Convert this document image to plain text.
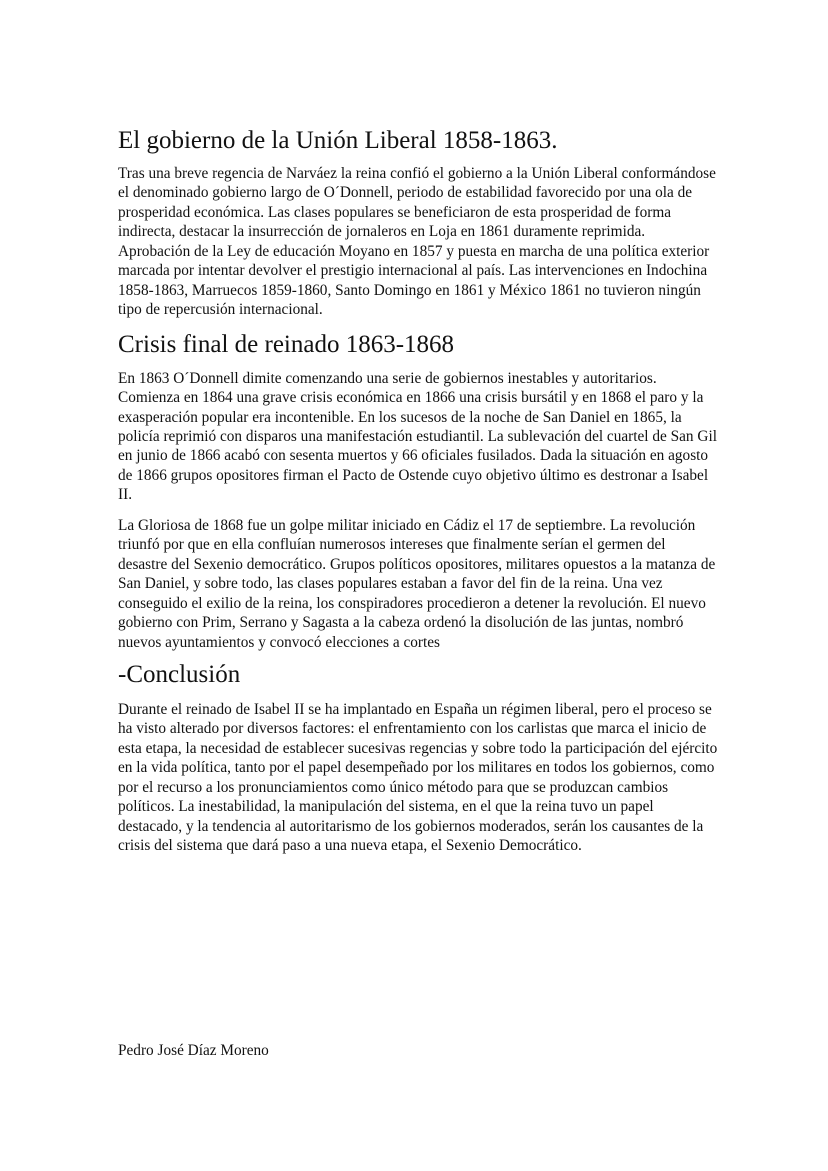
El gobierno de la Unión Liberal 1858-1863.

Tras una breve regencia de Narváez la reina confió el gobierno a la Unión Liberal conformándose el denominado gobierno largo de O´Donnell, periodo de estabilidad favorecido por una ola de prosperidad económica. Las clases populares se beneficiaron de esta prosperidad de forma indirecta, destacar la insurrección de jornaleros en Loja en 1861 duramente reprimida. Aprobación de la Ley de educación Moyano en 1857 y puesta en marcha de una política exterior marcada por intentar devolver el prestigio internacional al país. Las intervenciones en Indochina 1858-1863, Marruecos 1859-1860, Santo Domingo en 1861 y México 1861 no tuvieron ningún tipo de repercusión internacional.

Crisis final de reinado 1863-1868

En 1863 O´Donnell dimite comenzando una serie de gobiernos inestables y autoritarios. Comienza en 1864 una grave crisis económica en 1866 una crisis bursátil y en 1868 el paro y la exasperación popular era incontenible. En los sucesos de la noche de San Daniel en 1865, la policía reprimió con disparos una manifestación estudiantil. La sublevación del cuartel de San Gil en junio de 1866 acabó con sesenta muertos y 66 oficiales fusilados. Dada la situación en agosto de 1866 grupos opositores firman el Pacto de Ostende cuyo objetivo último es destronar a Isabel II.

La Gloriosa de 1868 fue un golpe militar iniciado en Cádiz el 17 de septiembre. La revolución triunfó por que en ella confluían numerosos intereses que finalmente serían el germen del desastre del Sexenio democrático. Grupos políticos opositores, militares opuestos a la matanza de San Daniel, y sobre todo, las clases populares estaban a favor del fin de la reina. Una vez conseguido el exilio de la reina, los conspiradores procedieron a detener la revolución. El nuevo gobierno con Prim, Serrano y Sagasta a la cabeza ordenó la disolución de las juntas, nombró nuevos ayuntamientos y convocó elecciones a cortes

-Conclusión

Durante el reinado de Isabel II se ha implantado en España un régimen liberal, pero el proceso se ha visto alterado por diversos factores: el enfrentamiento con los carlistas que marca el inicio de esta etapa, la necesidad de establecer sucesivas regencias y sobre todo la participación del ejército en la vida política, tanto por el papel desempeñado por los militares en todos los gobiernos, como por el recurso a los pronunciamientos como único método para que se produzcan cambios políticos. La inestabilidad, la manipulación del sistema, en el que la reina tuvo un papel destacado, y la tendencia al autoritarismo de los gobiernos moderados, serán los causantes de la crisis del sistema que dará paso a una nueva etapa, el Sexenio Democrático.

Pedro José Díaz Moreno
